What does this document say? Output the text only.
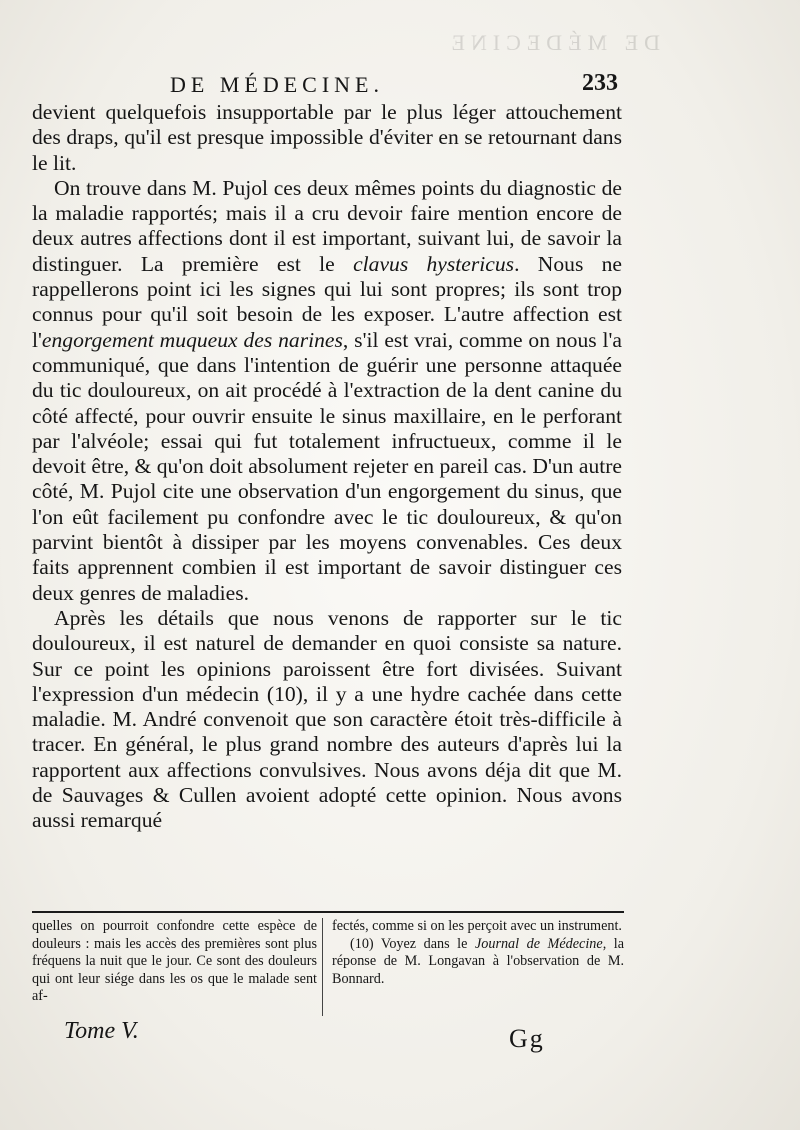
DE MÉDECINE
DE MÉDECINE.	233

devient quelquefois insupportable par le plus léger attouchement des draps, qu'il est presque impossible d'éviter en se retournant dans le lit.

On trouve dans M. Pujol ces deux mêmes points du diagnostic de la maladie rapportés; mais il a cru devoir faire mention encore de deux autres affections dont il est important, suivant lui, de savoir la distinguer. La première est le clavus hystericus. Nous ne rappellerons point ici les signes qui lui sont propres; ils sont trop connus pour qu'il soit besoin de les exposer. L'autre affection est l'engorgement muqueux des narines, s'il est vrai, comme on nous l'a communiqué, que dans l'intention de guérir une personne attaquée du tic douloureux, on ait procédé à l'extraction de la dent canine du côté affecté, pour ouvrir ensuite le sinus maxillaire, en le perforant par l'alvéole; essai qui fut totalement infructueux, comme il le devoit être, & qu'on doit absolument rejeter en pareil cas. D'un autre côté, M. Pujol cite une observation d'un engorgement du sinus, que l'on eût facilement pu confondre avec le tic douloureux, & qu'on parvint bientôt à dissiper par les moyens convenables. Ces deux faits apprennent combien il est important de savoir distinguer ces deux genres de maladies.

Après les détails que nous venons de rapporter sur le tic douloureux, il est naturel de demander en quoi consiste sa nature. Sur ce point les opinions paroissent être fort divisées. Suivant l'expression d'un médecin (10), il y a une hydre cachée dans cette maladie. M. André convenoit que son caractère étoit très-difficile à tracer. En général, le plus grand nombre des auteurs d'après lui la rapportent aux affections convulsives. Nous avons déja dit que M. de Sauvages & Cullen avoient adopté cette opinion. Nous avons aussi remarqué

quelles on pourroit confondre cette espèce de douleurs : mais les accès des premières sont plus fréquens la nuit que le jour. Ce sont des douleurs qui ont leur siége dans les os que le malade sent af-

fectés, comme si on les perçoit avec un instrument.

(10) Voyez dans le Journal de Médecine, la réponse de M. Longavan à l'observation de M. Bonnard.

Tome V.	Gg
